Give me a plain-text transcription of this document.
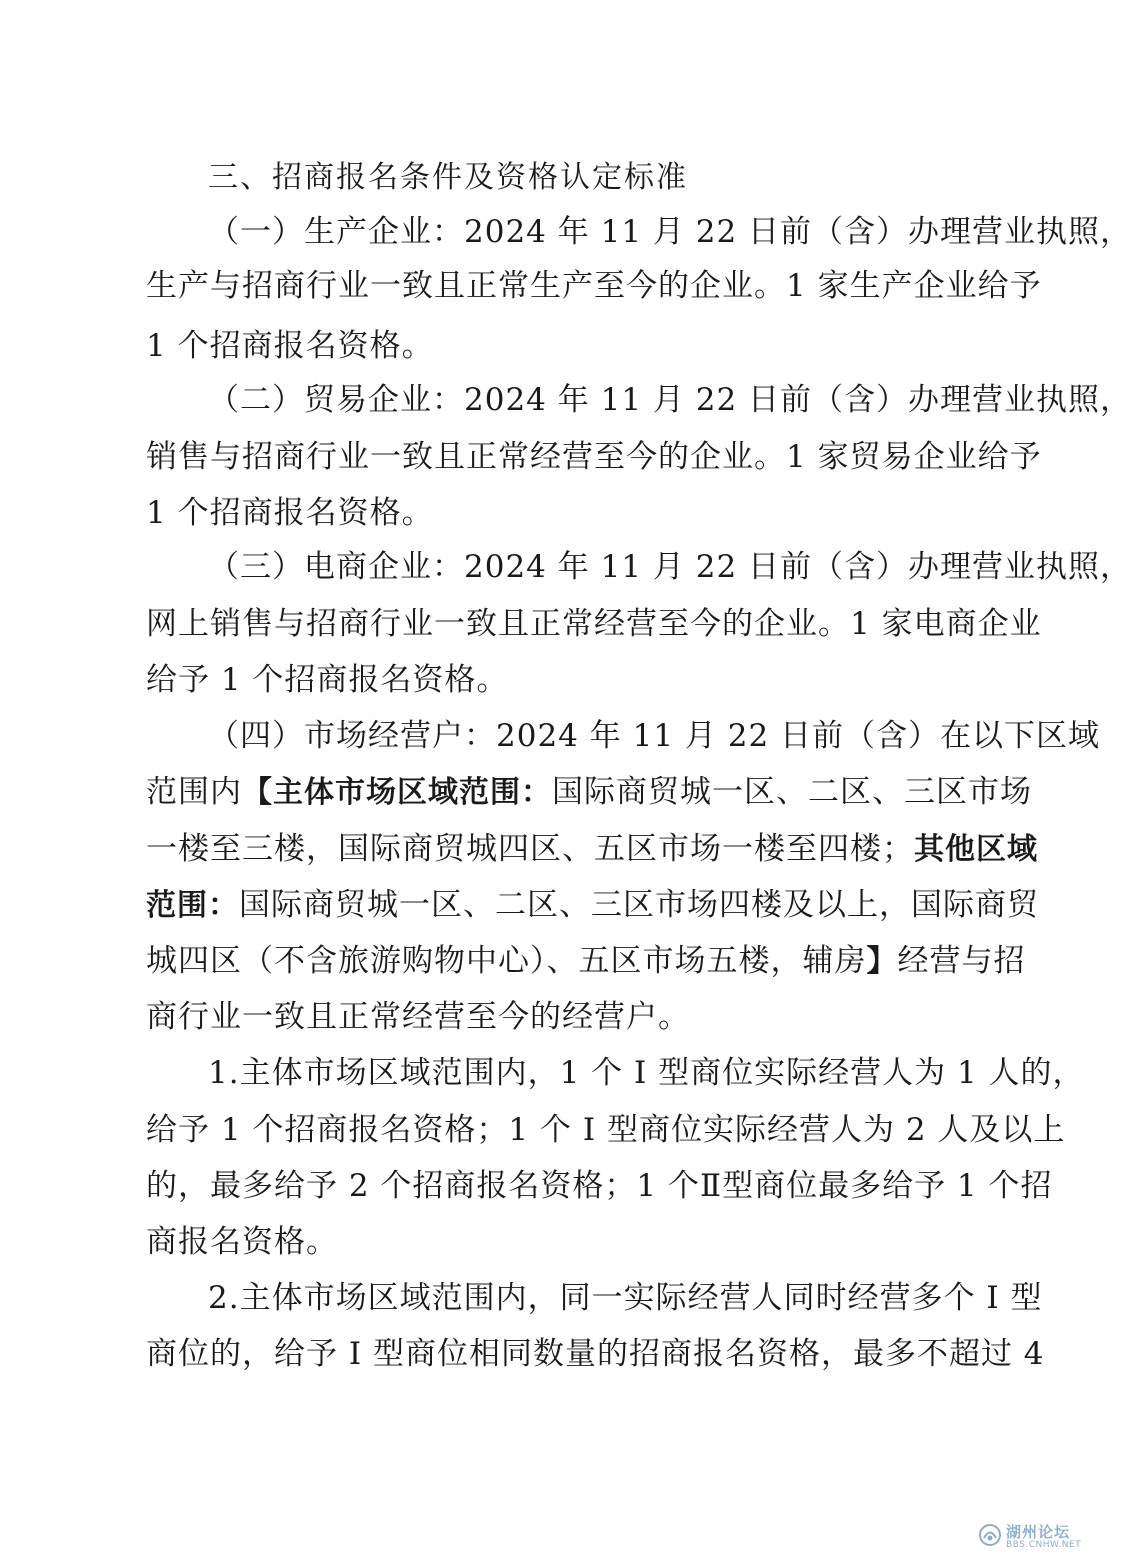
三、招商报名条件及资格认定标准
（一）生产企业：2024 年 11 月 22 日前（含）办理营业执照，
生产与招商行业一致且正常生产至今的企业。1 家生产企业给予
1 个招商报名资格。
（二）贸易企业：2024 年 11 月 22 日前（含）办理营业执照，
销售与招商行业一致且正常经营至今的企业。1 家贸易企业给予
1 个招商报名资格。
（三）电商企业：2024 年 11 月 22 日前（含）办理营业执照，
网上销售与招商行业一致且正常经营至今的企业。1 家电商企业
给予 1 个招商报名资格。
（四）市场经营户：2024 年 11 月 22 日前（含）在以下区域
范围内【主体市场区域范围：国际商贸城一区、二区、三区市场
一楼至三楼，国际商贸城四区、五区市场一楼至四楼；其他区域
范围：国际商贸城一区、二区、三区市场四楼及以上，国际商贸
城四区（不含旅游购物中心）、五区市场五楼，辅房】经营与招
商行业一致且正常经营至今的经营户。
1.主体市场区域范围内，1 个 I 型商位实际经营人为 1 人的，
给予 1 个招商报名资格；1 个 I 型商位实际经营人为 2 人及以上
的，最多给予 2 个招商报名资格；1 个Ⅱ型商位最多给予 1 个招
商报名资格。
2.主体市场区域范围内，同一实际经营人同时经营多个 I 型
商位的，给予 I 型商位相同数量的招商报名资格，最多不超过 4
湖州论坛
BBS.CNHW.NET
